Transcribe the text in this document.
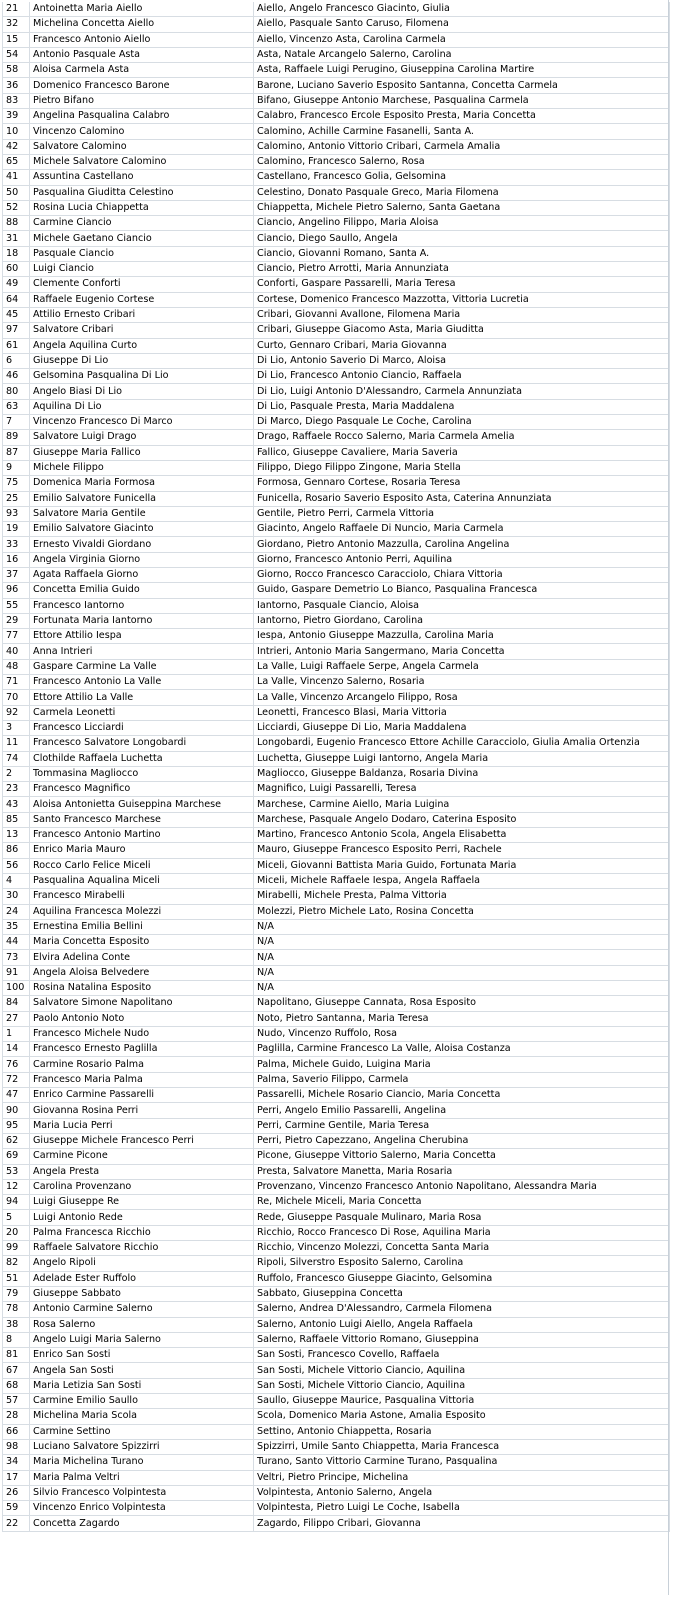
21	Antoinetta Maria Aiello	Aiello, Angelo Francesco Giacinto, Giulia
32	Michelina Concetta Aiello	Aiello, Pasquale Santo Caruso, Filomena
15	Francesco Antonio Aiello	Aiello, Vincenzo Asta, Carolina Carmela
54	Antonio Pasquale Asta	Asta, Natale Arcangelo Salerno, Carolina
58	Aloisa Carmela Asta	Asta, Raffaele Luigi Perugino, Giuseppina Carolina Martire
36	Domenico Francesco Barone	Barone, Luciano Saverio Esposito Santanna, Concetta Carmela
83	Pietro Bifano	Bifano, Giuseppe Antonio Marchese, Pasqualina Carmela
39	Angelina Pasqualina Calabro	Calabro, Francesco Ercole Esposito Presta, Maria Concetta
10	Vincenzo Calomino	Calomino, Achille Carmine Fasanelli, Santa A.
42	Salvatore Calomino	Calomino, Antonio Vittorio Cribari, Carmela Amalia
65	Michele Salvatore Calomino	Calomino, Francesco Salerno, Rosa
41	Assuntina Castellano	Castellano, Francesco Golia, Gelsomina
50	Pasqualina Giuditta Celestino	Celestino, Donato Pasquale Greco, Maria Filomena
52	Rosina Lucia Chiappetta	Chiappetta, Michele Pietro Salerno, Santa Gaetana
88	Carmine Ciancio	Ciancio, Angelino Filippo, Maria Aloisa
31	Michele Gaetano Ciancio	Ciancio, Diego Saullo, Angela
18	Pasquale Ciancio	Ciancio, Giovanni Romano, Santa A.
60	Luigi Ciancio	Ciancio, Pietro Arrotti, Maria Annunziata
49	Clemente Conforti	Conforti, Gaspare Passarelli, Maria Teresa
64	Raffaele Eugenio Cortese	Cortese, Domenico Francesco Mazzotta, Vittoria Lucretia
45	Attilio Ernesto Cribari	Cribari, Giovanni Avallone, Filomena Maria
97	Salvatore Cribari	Cribari, Giuseppe Giacomo Asta, Maria Giuditta
61	Angela Aquilina Curto	Curto, Gennaro Cribari, Maria Giovanna
6	Giuseppe Di Lio	Di Lio, Antonio Saverio Di Marco, Aloisa
46	Gelsomina Pasqualina Di Lio	Di Lio, Francesco Antonio Ciancio, Raffaela
80	Angelo Biasi Di Lio	Di Lio, Luigi Antonio D'Alessandro, Carmela Annunziata
63	Aquilina Di Lio	Di Lio, Pasquale Presta, Maria Maddalena
7	Vincenzo Francesco Di Marco	Di Marco, Diego Pasquale Le Coche, Carolina
89	Salvatore Luigi Drago	Drago, Raffaele Rocco Salerno, Maria Carmela Amelia
87	Giuseppe Maria Fallico	Fallico, Giuseppe Cavaliere, Maria Saveria
9	Michele Filippo	Filippo, Diego Filippo Zingone, Maria Stella
75	Domenica Maria Formosa	Formosa, Gennaro Cortese, Rosaria Teresa
25	Emilio Salvatore Funicella	Funicella, Rosario Saverio Esposito Asta, Caterina Annunziata
93	Salvatore Maria Gentile	Gentile, Pietro Perri, Carmela Vittoria
19	Emilio Salvatore Giacinto	Giacinto, Angelo Raffaele Di Nuncio, Maria Carmela
33	Ernesto Vivaldi Giordano	Giordano, Pietro Antonio Mazzulla, Carolina Angelina
16	Angela Virginia Giorno	Giorno, Francesco Antonio Perri, Aquilina
37	Agata Raffaela Giorno	Giorno, Rocco Francesco Caracciolo, Chiara Vittoria
96	Concetta Emilia Guido	Guido, Gaspare Demetrio Lo Bianco, Pasqualina Francesca
55	Francesco Iantorno	Iantorno, Pasquale Ciancio, Aloisa
29	Fortunata Maria Iantorno	Iantorno, Pietro Giordano, Carolina
77	Ettore Attilio Iespa	Iespa, Antonio Giuseppe Mazzulla, Carolina Maria
40	Anna Intrieri	Intrieri, Antonio Maria Sangermano, Maria Concetta
48	Gaspare Carmine La Valle	La Valle, Luigi Raffaele Serpe, Angela Carmela
71	Francesco Antonio La Valle	La Valle, Vincenzo Salerno, Rosaria
70	Ettore Attilio La Valle	La Valle, Vincenzo Arcangelo Filippo, Rosa
92	Carmela Leonetti	Leonetti, Francesco Blasi, Maria Vittoria
3	Francesco Licciardi	Licciardi, Giuseppe Di Lio, Maria Maddalena
11	Francesco Salvatore Longobardi	Longobardi, Eugenio Francesco Ettore Achille Caracciolo, Giulia Amalia Ortenzia
74	Clothilde Raffaela Luchetta	Luchetta, Giuseppe Luigi Iantorno, Angela Maria
2	Tommasina Magliocco	Magliocco, Giuseppe Baldanza, Rosaria Divina
23	Francesco Magnifico	Magnifico, Luigi Passarelli, Teresa
43	Aloisa Antonietta Guiseppina Marchese	Marchese, Carmine Aiello, Maria Luigina
85	Santo Francesco Marchese	Marchese, Pasquale Angelo Dodaro, Caterina Esposito
13	Francesco Antonio Martino	Martino, Francesco Antonio Scola, Angela Elisabetta
86	Enrico Maria Mauro	Mauro, Giuseppe Francesco Esposito Perri, Rachele
56	Rocco Carlo Felice Miceli	Miceli, Giovanni Battista Maria Guido, Fortunata Maria
4	Pasqualina Aqualina Miceli	Miceli, Michele Raffaele Iespa, Angela Raffaela
30	Francesco Mirabelli	Mirabelli, Michele Presta, Palma Vittoria
24	Aquilina Francesca Molezzi	Molezzi, Pietro Michele Lato, Rosina Concetta
35	Ernestina Emilia Bellini	N/A
44	Maria Concetta Esposito	N/A
73	Elvira Adelina Conte	N/A
91	Angela Aloisa Belvedere	N/A
100	Rosina Natalina Esposito	N/A
84	Salvatore Simone Napolitano	Napolitano, Giuseppe Cannata, Rosa Esposito
27	Paolo Antonio Noto	Noto, Pietro Santanna, Maria Teresa
1	Francesco Michele Nudo	Nudo, Vincenzo Ruffolo, Rosa
14	Francesco Ernesto Paglilla	Paglilla, Carmine Francesco La Valle, Aloisa Costanza
76	Carmine Rosario Palma	Palma, Michele Guido, Luigina Maria
72	Francesco Maria Palma	Palma, Saverio Filippo, Carmela
47	Enrico Carmine Passarelli	Passarelli, Michele Rosario Ciancio, Maria Concetta
90	Giovanna Rosina Perri	Perri, Angelo Emilio Passarelli, Angelina
95	Maria Lucia Perri	Perri, Carmine Gentile, Maria Teresa
62	Giuseppe Michele Francesco Perri	Perri, Pietro Capezzano, Angelina Cherubina
69	Carmine Picone	Picone, Giuseppe Vittorio Salerno, Maria Concetta
53	Angela Presta	Presta, Salvatore Manetta, Maria Rosaria
12	Carolina Provenzano	Provenzano, Vincenzo Francesco Antonio Napolitano, Alessandra Maria
94	Luigi Giuseppe Re	Re, Michele Miceli, Maria Concetta
5	Luigi Antonio Rede	Rede, Giuseppe Pasquale Mulinaro, Maria Rosa
20	Palma Francesca Ricchio	Ricchio, Rocco Francesco Di Rose, Aquilina Maria
99	Raffaele Salvatore Ricchio	Ricchio, Vincenzo Molezzi, Concetta Santa Maria
82	Angelo Ripoli	Ripoli, Silverstro Esposito Salerno, Carolina
51	Adelade Ester Ruffolo	Ruffolo, Francesco Giuseppe Giacinto, Gelsomina
79	Giuseppe Sabbato	Sabbato, Giuseppina Concetta
78	Antonio Carmine Salerno	Salerno, Andrea D'Alessandro, Carmela Filomena
38	Rosa Salerno	Salerno, Antonio Luigi Aiello, Angela Raffaela
8	Angelo Luigi Maria Salerno	Salerno, Raffaele Vittorio Romano, Giuseppina
81	Enrico San Sosti	San Sosti, Francesco Covello, Raffaela
67	Angela San Sosti	San Sosti, Michele Vittorio Ciancio, Aquilina
68	Maria Letizia San Sosti	San Sosti, Michele Vittorio Ciancio, Aquilina
57	Carmine Emilio Saullo	Saullo, Giuseppe Maurice, Pasqualina Vittoria
28	Michelina Maria Scola	Scola, Domenico Maria Astone, Amalia Esposito
66	Carmine Settino	Settino, Antonio Chiappetta, Rosaria
98	Luciano Salvatore Spizzirri	Spizzirri, Umile Santo Chiappetta, Maria Francesca
34	Maria Michelina Turano	Turano, Santo Vittorio Carmine Turano, Pasqualina
17	Maria Palma Veltri	Veltri, Pietro Principe, Michelina
26	Silvio Francesco Volpintesta	Volpintesta, Antonio Salerno, Angela
59	Vincenzo Enrico Volpintesta	Volpintesta, Pietro Luigi Le Coche, Isabella
22	Concetta Zagardo	Zagardo, Filippo Cribari, Giovanna
